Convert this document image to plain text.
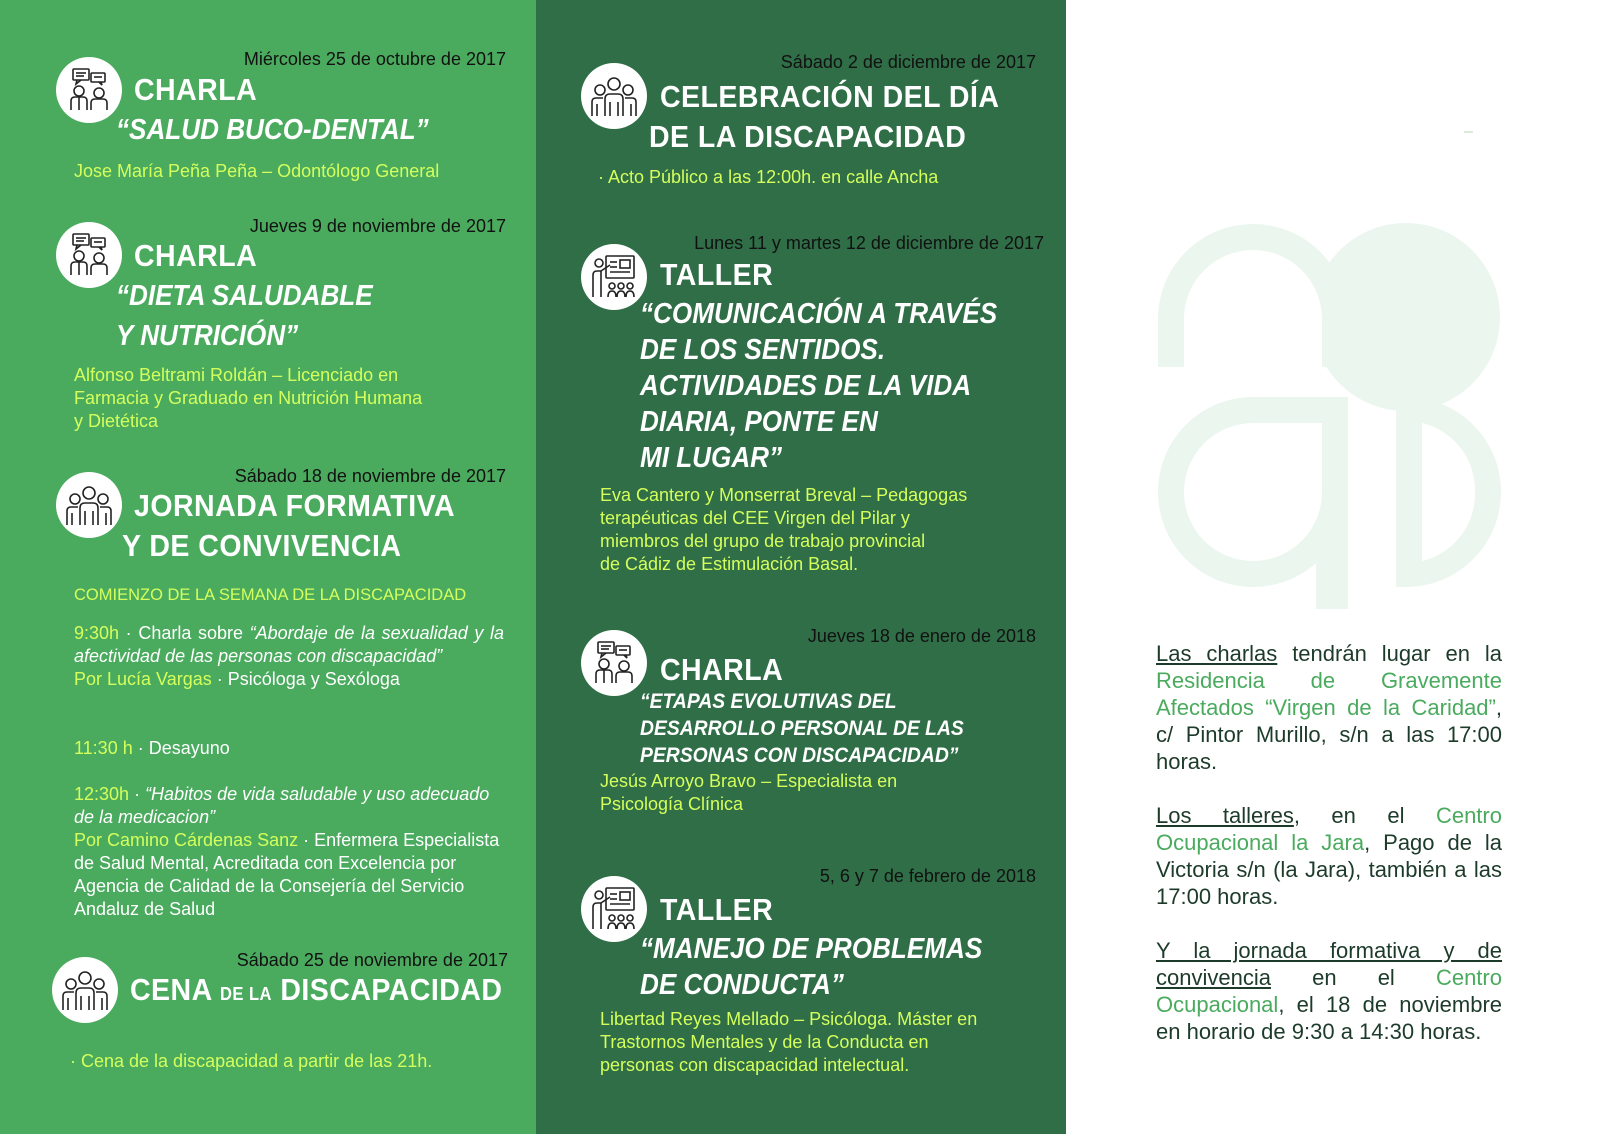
Miércoles 25 de octubre de 2017
CHARLA
“SALUD BUCO-DENTAL”
Jose María Peña Peña – Odontólogo General
Jueves 9 de noviembre de 2017
CHARLA
“DIETA SALUDABLE
Y NUTRICIÓN”
Alfonso Beltrami Roldán – Licenciado en
Farmacia y Graduado en Nutrición Humana
y Dietética
Sábado 18 de noviembre de 2017
JORNADA FORMATIVA
Y DE CONVIVENCIA
COMIENZO DE LA SEMANA DE LA DISCAPACIDAD
9:30h · Charla sobre “Abordaje de la sexualidad y la afectividad de las personas con discapacidad”
Por Lucía Vargas · Psicóloga y Sexóloga
11:30 h · Desayuno
12:30h · “Habitos de vida saludable y uso adecuado de la medicacion”
Por Camino Cárdenas Sanz · Enfermera Especialista de Salud Mental, Acreditada con Excelencia por Agencia de Calidad de la Consejería del Servicio Andaluz de Salud
Sábado 25 de noviembre de 2017
CENA DE LA DISCAPACIDAD
· Cena de la discapacidad a partir de las 21h.
Sábado 2 de diciembre de 2017
CELEBRACIÓN DEL DÍA
DE LA DISCAPACIDAD
· Acto Público a las 12:00h. en calle Ancha
Lunes 11 y martes 12 de diciembre de 2017
TALLER
“COMUNICACIÓN A TRAVÉS
DE LOS SENTIDOS.
ACTIVIDADES DE LA VIDA
DIARIA, PONTE EN
MI LUGAR”
Eva Cantero y Monserrat Breval – Pedagogas
terapéuticas del CEE Virgen del Pilar y
miembros del grupo de trabajo provincial
de Cádiz de Estimulación Basal.
Jueves 18 de enero de 2018
CHARLA
“ETAPAS EVOLUTIVAS DEL
DESARROLLO PERSONAL DE LAS
PERSONAS CON DISCAPACIDAD”
Jesús Arroyo Bravo – Especialista en
Psicología Clínica
5, 6 y 7 de febrero de 2018
TALLER
“MANEJO DE PROBLEMAS
DE CONDUCTA”
Libertad Reyes Mellado – Psicóloga. Máster en
Trastornos Mentales y de la Conducta en
personas con discapacidad intelectual.

Las charlas tendrán lugar en la Residencia de Gravemente Afectados “Virgen de la Caridad”, c/ Pintor Murillo, s/n a las 17:00 horas.

Los talleres, en el Centro Ocupacional la Jara, Pago de la Victoria s/n (la Jara), también a las 17:00 horas.

Y la jornada formativa y de convivencia en el Centro Ocupacional, el 18 de noviembre en horario de 9:30 a 14:30 horas.
